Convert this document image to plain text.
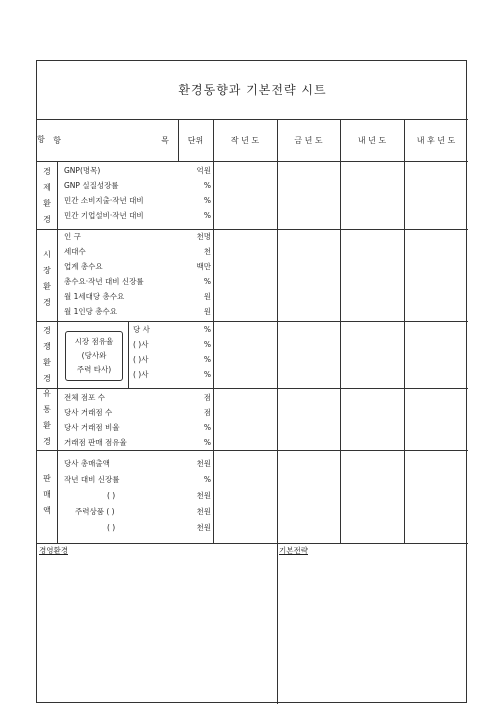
환경동향과 기본전략 시트
항	항	목	단위	작 년 도	금 년 도	내 년 도	내 후 년 도
경
제
환
경
GNP(명목)	억원
GNP 실질성장률	%
민간 소비지출·작년 대비	%
민간 기업설비·작년 대비	%
시
장
환
경
인 구	천명
세대수	천
업계 총수요	백만
총수요·작년 대비 신장률	%
월 1세대당 총수요	원
월 1인당 총수요	원
경
쟁
환
경
시장 점유율
(당사와
주력 타사)
당 사	%
( )사	%
( )사	%
( )사	%
유
통
환
경
전체 점포 수	점
당사 거래점 수	점
당사 거래점 비율	%
거래점 판매 점유율	%
판
매
액
당사 총매출액	천원
작년 대비 신장률	%
( )	천원
주력상품 ( )	천원
( )	천원
경영환경	기본전략
